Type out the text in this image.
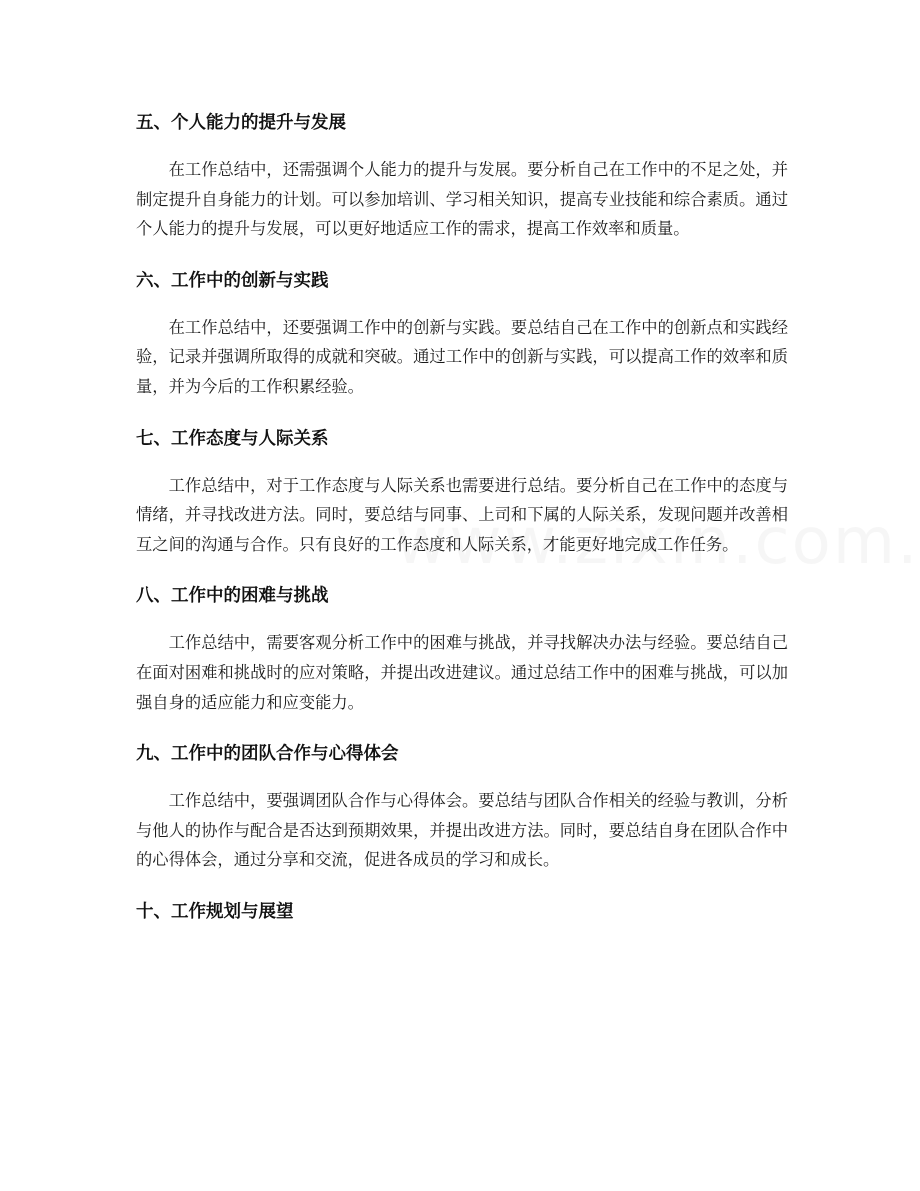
五、个人能力的提升与发展

在工作总结中，还需强调个人能力的提升与发展。要分析自己在工作中的不足之处，并制定提升自身能力的计划。可以参加培训、学习相关知识，提高专业技能和综合素质。通过个人能力的提升与发展，可以更好地适应工作的需求，提高工作效率和质量。

六、工作中的创新与实践

在工作总结中，还要强调工作中的创新与实践。要总结自己在工作中的创新点和实践经验，记录并强调所取得的成就和突破。通过工作中的创新与实践，可以提高工作的效率和质量，并为今后的工作积累经验。

七、工作态度与人际关系

工作总结中，对于工作态度与人际关系也需要进行总结。要分析自己在工作中的态度与情绪，并寻找改进方法。同时，要总结与同事、上司和下属的人际关系，发现问题并改善相互之间的沟通与合作。只有良好的工作态度和人际关系，才能更好地完成工作任务。

八、工作中的困难与挑战

工作总结中，需要客观分析工作中的困难与挑战，并寻找解决办法与经验。要总结自己在面对困难和挑战时的应对策略，并提出改进建议。通过总结工作中的困难与挑战，可以加强自身的适应能力和应变能力。

九、工作中的团队合作与心得体会

工作总结中，要强调团队合作与心得体会。要总结与团队合作相关的经验与教训，分析与他人的协作与配合是否达到预期效果，并提出改进方法。同时，要总结自身在团队合作中的心得体会，通过分享和交流，促进各成员的学习和成长。

十、工作规划与展望
